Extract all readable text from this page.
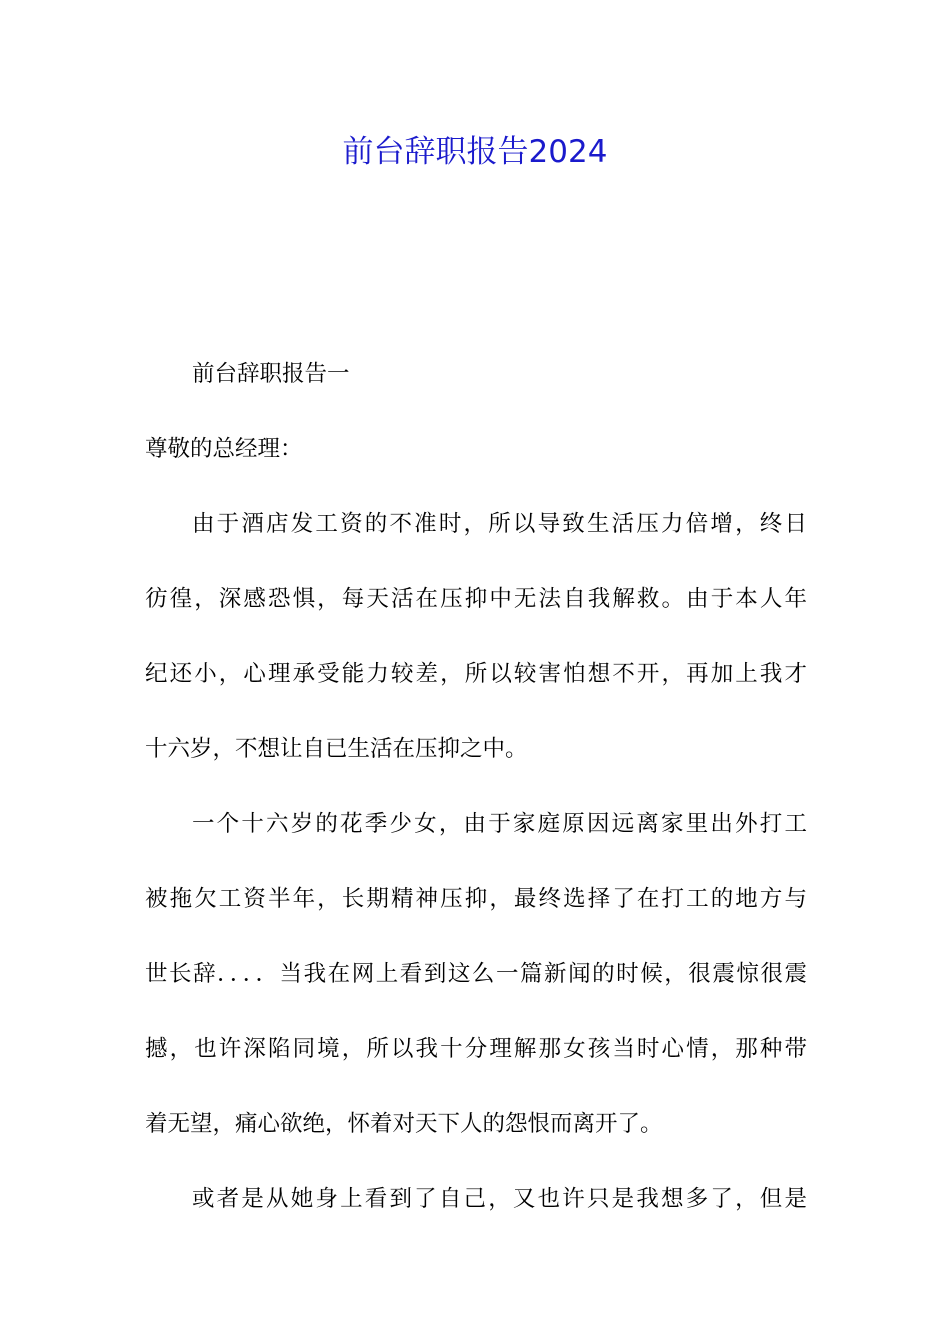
前台辞职报告2024
前台辞职报告一
尊敬的总经理：
由于酒店发工资的不准时，所以导致生活压力倍增，终日
彷徨，深感恐惧，每天活在压抑中无法自我解救。由于本人年
纪还小，心理承受能力较差，所以较害怕想不开，再加上我才
十六岁，不想让自已生活在压抑之中。
一个十六岁的花季少女，由于家庭原因远离家里出外打工
被拖欠工资半年，长期精神压抑，最终选择了在打工的地方与
世长辞．．．．当我在网上看到这么一篇新闻的时候，很震惊很震
撼，也许深陷同境，所以我十分理解那女孩当时心情，那种带
着无望，痛心欲绝，怀着对天下人的怨恨而离开了。
或者是从她身上看到了自己，又也许只是我想多了，但是
